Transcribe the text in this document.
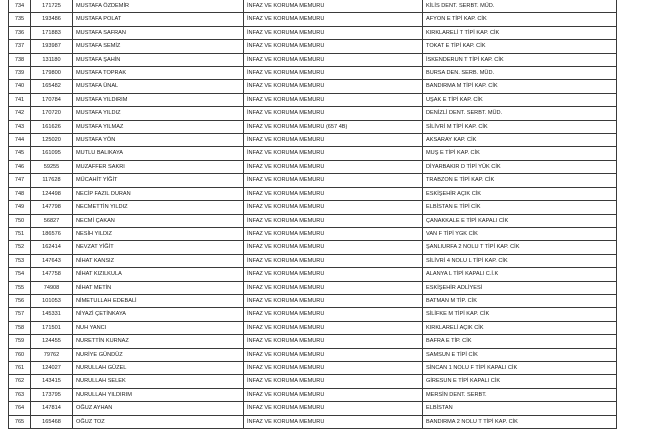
734	171725	MUSTAFA ÖZDEMİR	İNFAZ VE KORUMA MEMURU	KİLİS DENT. SERBT. MÜD.
735	193486	MUSTAFA POLAT	İNFAZ VE KORUMA MEMURU	AFYON E TİPİ KAP. CİK
736	171883	MUSTAFA SAFRAN	İNFAZ VE KORUMA MEMURU	KIRKLARELİ T TİPİ KAP. CİK
737	193987	MUSTAFA SEMİZ	İNFAZ VE KORUMA MEMURU	TOKAT E TİPİ KAP. CİK
738	131180	MUSTAFA ŞAHİN	İNFAZ VE KORUMA MEMURU	İSKENDERUN T TİPİ KAP. CİK
739	179800	MUSTAFA TOPRAK	İNFAZ VE KORUMA MEMURU	BURSA DEN. SERB. MÜD.
740	165482	MUSTAFA ÜNAL	İNFAZ VE KORUMA MEMURU	BANDIRMA M TİPİ KAP. CİK
741	170784	MUSTAFA YILDIRIM	İNFAZ VE KORUMA MEMURU	UŞAK E TİPİ KAP. CİK
742	170720	MUSTAFA YILDIZ	İNFAZ VE KORUMA MEMURU	DENİZLİ DENT. SERBT. MÜD.
743	161626	MUSTAFA YILMAZ	İNFAZ VE KORUMA MEMURU (657 4B)	SİLİVRİ M TİPİ KAP. CİK
744	125020	MUSTAFA YÖN	İNFAZ VE KORUMA MEMURU	AKSARAY KAP. CİK
745	161095	MUTLU BALIKAYA	İNFAZ VE KORUMA MEMURU	MUŞ E TİPİ KAP. CİK
746	59255	MUZAFFER SAKRI	İNFAZ VE KORUMA MEMURU	DİYARBAKIR D TİPİ YÜK CİK
747	117628	MÜCAHİT YİĞİT	İNFAZ VE KORUMA MEMURU	TRABZON E TİPİ KAP. CİK
748	124498	NECİP FAZIL DURAN	İNFAZ VE KORUMA MEMURU	ESKİŞEHİR AÇIK CİK
749	147798	NECMETTİN YILDIZ	İNFAZ VE KORUMA MEMURU	ELBİSTAN E TİPİ CİK
750	56827	NECMİ ÇAKAN	İNFAZ VE KORUMA MEMURU	ÇANAKKALE E TİPİ KAPALI CİK
751	186576	NESİH YILDIZ	İNFAZ VE KORUMA MEMURU	VAN F TİPİ YGK CİK
752	162414	NEVZAT YİĞİT	İNFAZ VE KORUMA MEMURU	ŞANLIURFA 2 NOLU T TİPİ KAP. CİK
753	147643	NİHAT KANSIZ	İNFAZ VE KORUMA MEMURU	SİLİVRİ 4 NOLU L TİPİ KAP. CİK
754	147758	NİHAT KIZILKULA	İNFAZ VE KORUMA MEMURU	ALANYA L TİPİ KAPALI C.İ.K
755	74908	NİHAT METİN	İNFAZ VE KORUMA MEMURU	ESKİŞEHİR ADLİYESİ
756	101053	NİMETULLAH EDEBALİ	İNFAZ VE KORUMA MEMURU	BATMAN M TİP. CİK
757	145331	NİYAZİ ÇETİNKAYA	İNFAZ VE KORUMA MEMURU	SİLİFKE M TİPİ KAP. CİK
758	171501	NUH YANCI	İNFAZ VE KORUMA MEMURU	KIRKLARELİ AÇIK CİK
759	124455	NURETTİN KURNAZ	İNFAZ VE KORUMA MEMURU	BAFRA E TİP. CİK
760	79762	NURİYE GÜNDÜZ	İNFAZ VE KORUMA MEMURU	SAMSUN E TİPİ CİK
761	124027	NURULLAH GÜZEL	İNFAZ VE KORUMA MEMURU	SİNCAN 1 NOLU F TİPİ KAPALI CİK
762	143415	NURULLAH SELEK	İNFAZ VE KORUMA MEMURU	GİRESUN E TİPİ KAPALI CİK
763	173795	NURULLAH YILDIRIM	İNFAZ VE KORUMA MEMURU	MERSİN DENT. SERBT.
764	147814	OĞUZ AYHAN	İNFAZ VE KORUMA MEMURU	ELBİSTAN
765	165468	OĞUZ TOZ	İNFAZ VE KORUMA MEMURU	BANDIRMA 2 NOLU T TİPİ KAP. CİK
